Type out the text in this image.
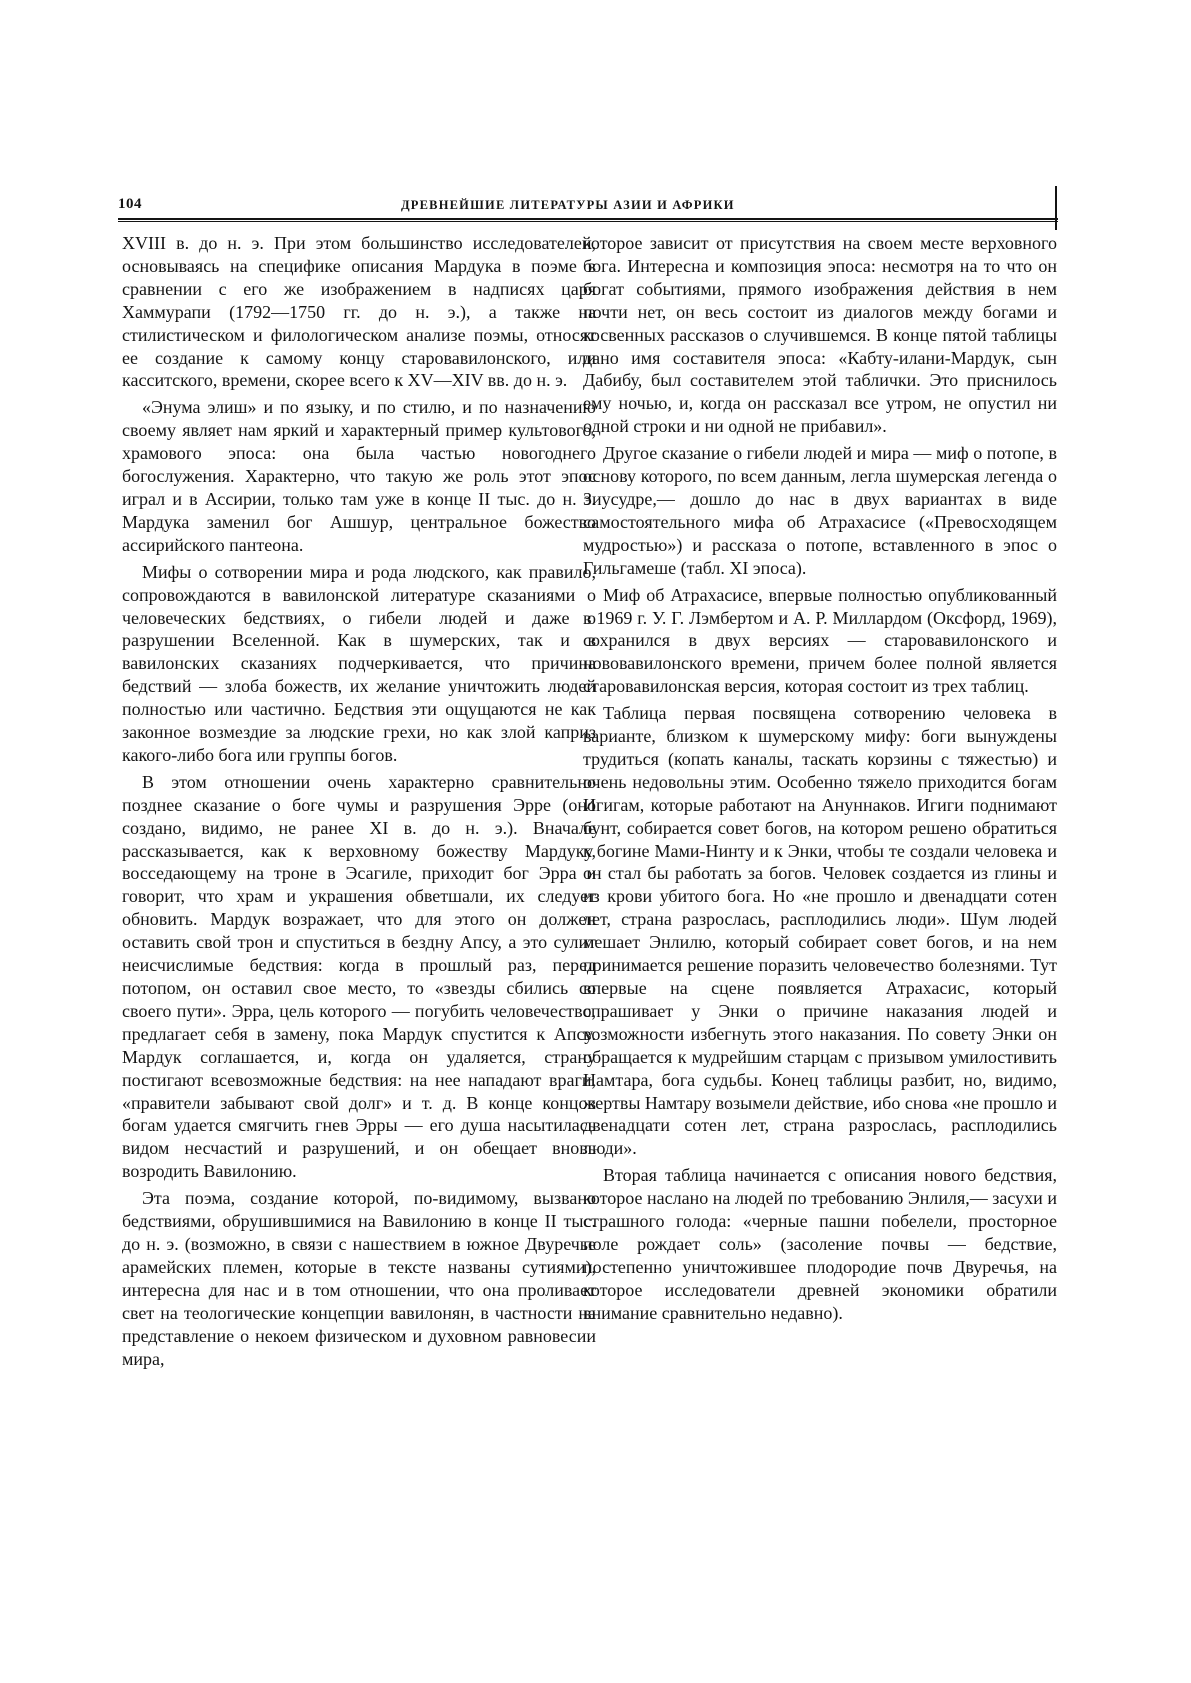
104	ДРЕВНЕЙШИЕ ЛИТЕРАТУРЫ АЗИИ И АФРИКИ

XVIII в. до н. э. При этом большинство исследователей, основываясь на специфике описания Мардука в поэме в сравнении с его же изображением в надписях царя Хаммурапи (1792—1750 гг. до н. э.), а также на стилистическом и филологическом анализе поэмы, относят ее создание к самому концу старовавилонского, или касситского, времени, скорее всего к XV—XIV вв. до н. э.

«Энума элиш» и по языку, и по стилю, и по назначению своему являет нам яркий и характерный пример культового, храмового эпоса: она была частью новогоднего богослужения. Характерно, что такую же роль этот эпос играл и в Ассирии, только там уже в конце II тыс. до н. э. Мардука заменил бог Ашшур, центральное божество ассирийского пантеона.

Мифы о сотворении мира и рода людского, как правило, сопровождаются в вавилонской литературе сказаниями о человеческих бедствиях, о гибели людей и даже о разрушении Вселенной. Как в шумерских, так и в вавилонских сказаниях подчеркивается, что причина бедствий — злоба божеств, их желание уничтожить людей полностью или частично. Бедствия эти ощущаются не как законное возмездие за людские грехи, но как злой каприз какого-либо бога или группы богов.

В этом отношении очень характерно сравнительно позднее сказание о боге чумы и разрушения Эрре (оно создано, видимо, не ранее XI в. до н. э.). Вначале рассказывается, как к верховному божеству Мардуку, восседающему на троне в Эсагиле, приходит бог Эрра и говорит, что храм и украшения обветшали, их следует обновить. Мардук возражает, что для этого он должен оставить свой трон и спуститься в бездну Апсу, а это сулит неисчислимые бедствия: когда в прошлый раз, перед потопом, он оставил свое место, то «звезды сбились со своего пути». Эрра, цель которого — погубить человечество, предлагает себя в замену, пока Мардук спустится к Апсу. Мардук соглашается, и, когда он удаляется, страну постигают всевозможные бедствия: на нее нападают враги, «правители забывают свой долг» и т. д. В конце концов богам удается смягчить гнев Эрры — его душа насытилась видом несчастий и разрушений, и он обещает вновь возродить Вавилонию.

Эта поэма, создание которой, по-видимому, вызвано бедствиями, обрушившимися на Вавилонию в конце II тыс. до н. э. (возможно, в связи с нашествием в южное Двуречье арамейских племен, которые в тексте названы сутиями), интересна для нас и в том отношении, что она проливает свет на теологические концепции вавилонян, в частности на представление о некоем физическом и духовном равновесии мира,

которое зависит от присутствия на своем месте верховного бога. Интересна и композиция эпоса: несмотря на то что он богат событиями, прямого изображения действия в нем почти нет, он весь состоит из диалогов между богами и косвенных рассказов о случившемся. В конце пятой таблицы дано имя составителя эпоса: «Кабту-илани-Мардук, сын Дабибу, был составителем этой таблички. Это приснилось ему ночью, и, когда он рассказал все утром, не опустил ни одной строки и ни одной не прибавил».

Другое сказание о гибели людей и мира — миф о потопе, в основу которого, по всем данным, легла шумерская легенда о Зиусудре,— дошло до нас в двух вариантах в виде самостоятельного мифа об Атрахасисе («Превосходящем мудростью») и рассказа о потопе, вставленного в эпос о Гильгамеше (табл. XI эпоса).

Миф об Атрахасисе, впервые полностью опубликованный в 1969 г. У. Г. Лэмбертом и А. Р. Миллардом (Оксфорд, 1969), сохранился в двух версиях — старовавилонского и нововавилонского времени, причем более полной является старовавилонская версия, которая состоит из трех таблиц.

Таблица первая посвящена сотворению человека в варианте, близком к шумерскому мифу: боги вынуждены трудиться (копать каналы, таскать корзины с тяжестью) и очень недовольны этим. Особенно тяжело приходится богам Игигам, которые работают на Ануннаков. Игиги поднимают бунт, собирается совет богов, на котором решено обратиться к богине Мами-Нинту и к Энки, чтобы те создали человека и он стал бы работать за богов. Человек создается из глины и из крови убитого бога. Но «не прошло и двенадцати сотен лет, страна разрослась, расплодились люди». Шум людей мешает Энлилю, который собирает совет богов, и на нем принимается решение поразить человечество болезнями. Тут впервые на сцене появляется Атрахасис, который спрашивает у Энки о причине наказания людей и возможности избегнуть этого наказания. По совету Энки он обращается к мудрейшим старцам с призывом умилостивить Намтара, бога судьбы. Конец таблицы разбит, но, видимо, жертвы Намтару возымели действие, ибо снова «не прошло и двенадцати сотен лет, страна разрослась, расплодились люди».

Вторая таблица начинается с описания нового бедствия, которое наслано на людей по требованию Энлиля,— засухи и страшного голода: «черные пашни побелели, просторное поле рождает соль» (засоление почвы — бедствие, постепенно уничтожившее плодородие почв Двуречья, на которое исследователи древней экономики обратили внимание сравнительно недавно).
